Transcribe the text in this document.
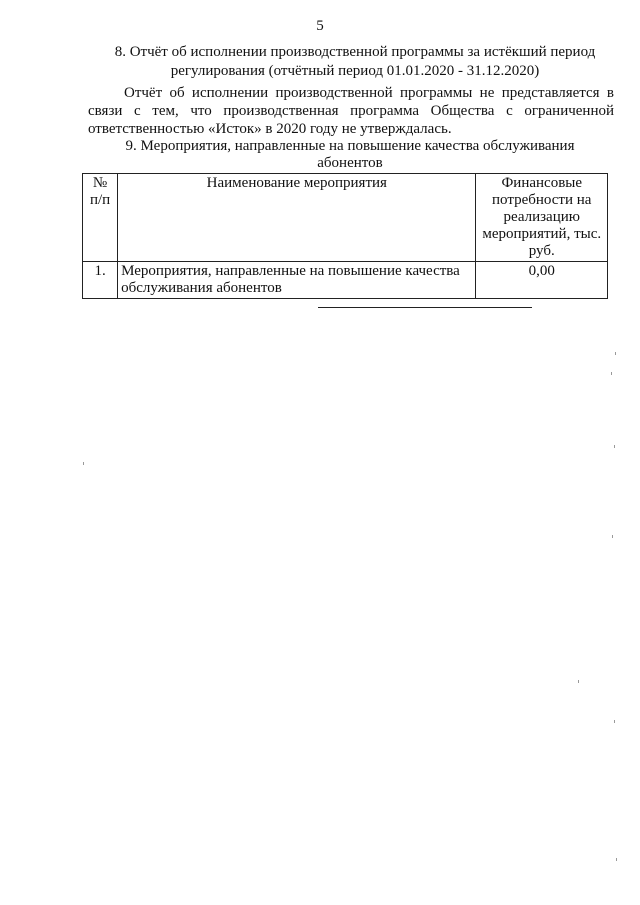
5
8. Отчёт об исполнении производственной программы за истёкший период регулирования (отчётный период 01.01.2020 - 31.12.2020)
Отчёт об исполнении производственной программы не представляется в связи с тем, что производственная программа Общества с ограниченной ответственностью «Исток» в 2020 году не утверждалась.
9. Мероприятия, направленные на повышение качества обслуживания абонентов
№ п/п	Наименование мероприятия	Финансовые потребности на реализацию мероприятий, тыс. руб.
1.	Мероприятия, направленные на повышение качества обслуживания абонентов	0,00
